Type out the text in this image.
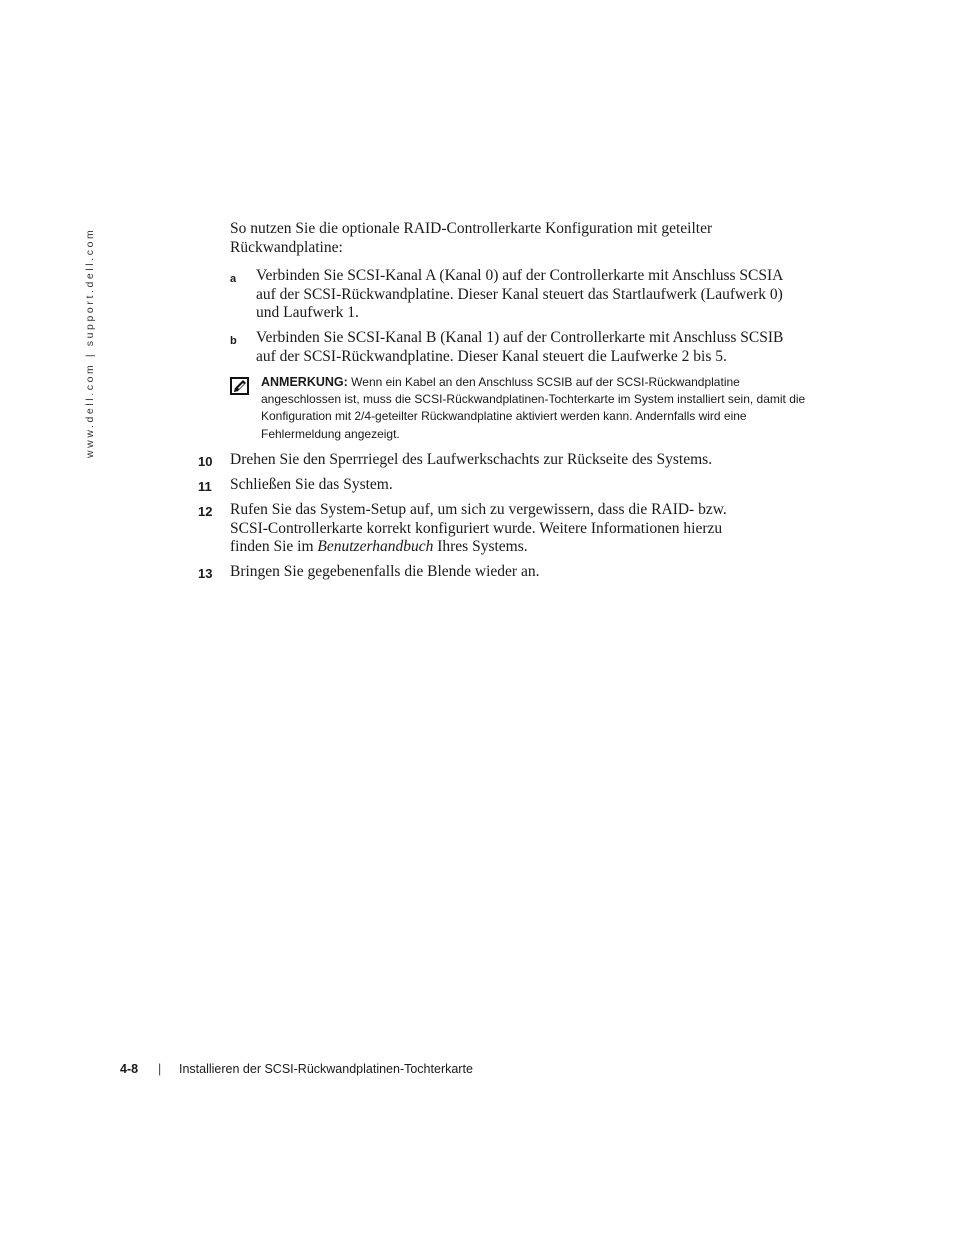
www.dell.com | support.dell.com	So nutzen Sie die optionale RAID-Controllerkarte Konfiguration mit geteilter Rückwandplatine:
a Verbinden Sie SCSI-Kanal A (Kanal 0) auf der Controllerkarte mit Anschluss SCSIA auf der SCSI-Rückwandplatine. Dieser Kanal steuert das Startlaufwerk (Laufwerk 0) und Laufwerk 1.
b Verbinden Sie SCSI-Kanal B (Kanal 1) auf der Controllerkarte mit Anschluss SCSIB auf der SCSI-Rückwandplatine. Dieser Kanal steuert die Laufwerke 2 bis 5.
ANMERKUNG: Wenn ein Kabel an den Anschluss SCSIB auf der SCSI-Rückwandplatine angeschlossen ist, muss die SCSI-Rückwandplatinen-Tochterkarte im System installiert sein, damit die Konfiguration mit 2/4-geteilter Rückwandplatine aktiviert werden kann. Andernfalls wird eine Fehlermeldung angezeigt.
10	Drehen Sie den Sperrriegel des Laufwerkschachts zur Rückseite des Systems.
11	Schließen Sie das System.
12	Rufen Sie das System-Setup auf, um sich zu vergewissern, dass die RAID- bzw. SCSI-Controllerkarte korrekt konfiguriert wurde. Weitere Informationen hierzu finden Sie im Benutzerhandbuch Ihres Systems.
13	Bringen Sie gegebenenfalls die Blende wieder an.
4-8 | Installieren der SCSI-Rückwandplatinen-Tochterkarte
